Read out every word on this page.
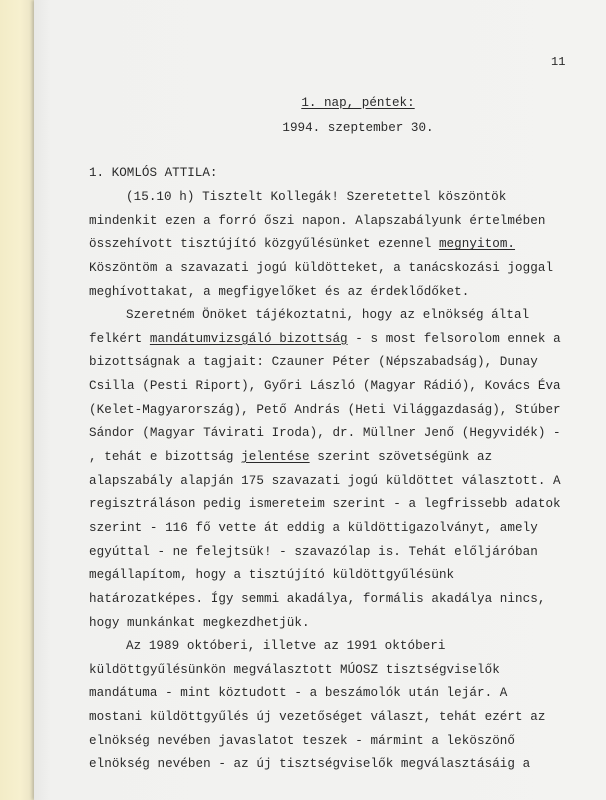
11
1. nap, péntek:
1994. szeptember 30.
1. KOMLÓS ATTILA:
(15.10 h) Tisztelt Kollegák! Szeretettel köszöntök
mindenkit ezen a forró őszi napon. Alapszabályunk értelmében
összehívott tisztújító közgyűlésünket ezennel megnyitom.
Köszöntöm a szavazati jogú küldötteket, a tanácskozási joggal
meghívottakat, a megfigyelőket és az érdeklődőket.
Szeretném Önöket tájékoztatni, hogy az elnökség által
felkért mandátumvizsgáló bizottság - s most felsorolom ennek a
bizottságnak a tagjait: Czauner Péter (Népszabadság), Dunay
Csilla (Pesti Riport), Győri László (Magyar Rádió), Kovács Éva
(Kelet-Magyarország), Pető András (Heti Világgazdaság), Stúber
Sándor (Magyar Távirati Iroda), dr. Müllner Jenő (Hegyvidék) -
, tehát e bizottság jelentése szerint szövetségünk az
alapszabály alapján 175 szavazati jogú küldöttet választott. A
regisztráláson pedig ismereteim szerint - a legfrissebb adatok
szerint - 116 fő vette át eddig a küldöttigazolványt, amely
egyúttal - ne felejtsük! - szavazólap is. Tehát előljáróban
megállapítom, hogy a tisztújító küldöttgyűlésünk
határozatképes. Így semmi akadálya, formális akadálya nincs,
hogy munkánkat megkezdhetjük.
Az 1989 októberi, illetve az 1991 októberi
küldöttgyűlésünkön megválasztott MÚOSZ tisztségviselők
mandátuma - mint köztudott - a beszámolók után lejár. A
mostani küldöttgyűlés új vezetőséget választ, tehát ezért az
elnökség nevében javaslatot teszek - mármint a leköszönő
elnökség nevében - az új tisztségviselők megválasztásáig a
